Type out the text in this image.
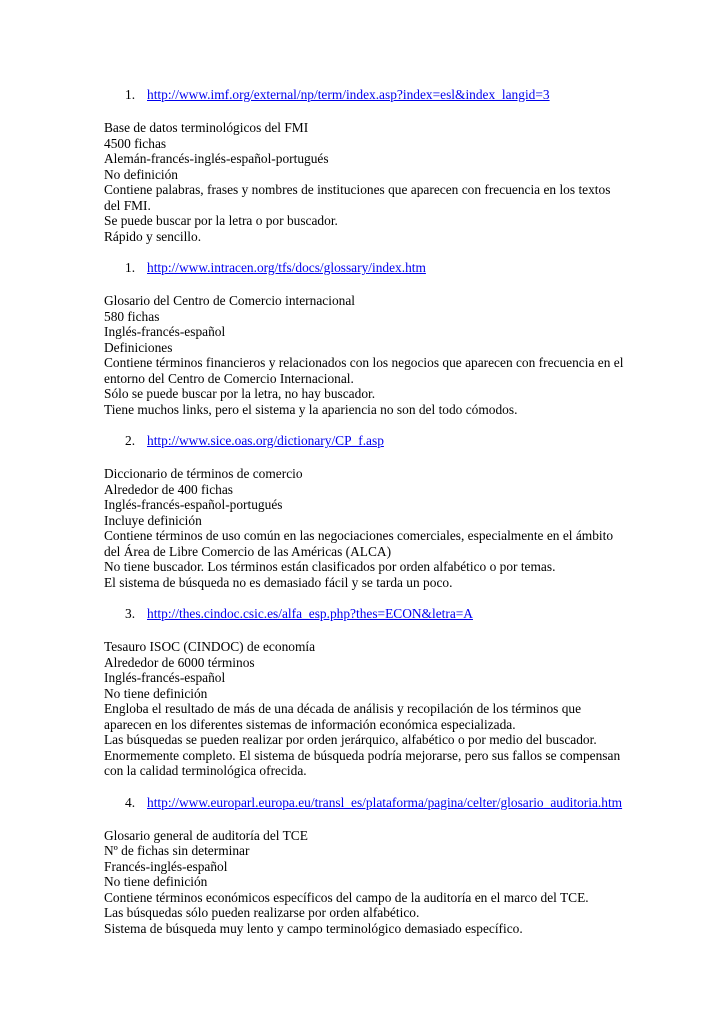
1. http://www.imf.org/external/np/term/index.asp?index=esl&index_langid=3
Base de datos terminológicos del FMI
4500 fichas
Alemán-francés-inglés-español-portugués
No definición
Contiene palabras, frases y nombres de instituciones que aparecen con frecuencia en los textos del FMI.
Se puede buscar por la letra o por buscador.
Rápido y sencillo.
1. http://www.intracen.org/tfs/docs/glossary/index.htm
Glosario del Centro de Comercio internacional
580 fichas
Inglés-francés-español
Definiciones
Contiene términos financieros y relacionados con los negocios que aparecen con frecuencia en el entorno del Centro de Comercio Internacional.
Sólo se puede buscar por la letra, no hay buscador.
Tiene muchos links, pero el sistema y la apariencia no son del todo cómodos.
2. http://www.sice.oas.org/dictionary/CP_f.asp
Diccionario de términos de comercio
Alrededor de 400 fichas
Inglés-francés-español-portugués
Incluye definición
Contiene términos de uso común en las negociaciones comerciales, especialmente en el ámbito del Área de Libre Comercio de las Américas (ALCA)
No tiene buscador. Los términos están clasificados por orden alfabético o por temas.
El sistema de búsqueda no es demasiado fácil y se tarda un poco.
3. http://thes.cindoc.csic.es/alfa_esp.php?thes=ECON&letra=A
Tesauro ISOC (CINDOC) de economía
Alrededor de 6000 términos
Inglés-francés-español
No tiene definición
Engloba el resultado de más de una década de análisis y recopilación de los términos que aparecen en los diferentes sistemas de información económica especializada.
Las búsquedas se pueden realizar por orden jerárquico, alfabético o por medio del buscador.
Enormemente completo. El sistema de búsqueda podría mejorarse, pero sus fallos se compensan con la calidad terminológica ofrecida.
4. http://www.europarl.europa.eu/transl_es/plataforma/pagina/celter/glosario_auditoria.htm
Glosario general de auditoría del TCE
Nº de fichas sin determinar
Francés-inglés-español
No tiene definición
Contiene términos económicos específicos del campo de la auditoría en el marco del TCE.
Las búsquedas sólo pueden realizarse por orden alfabético.
Sistema de búsqueda muy lento y campo terminológico demasiado específico.
